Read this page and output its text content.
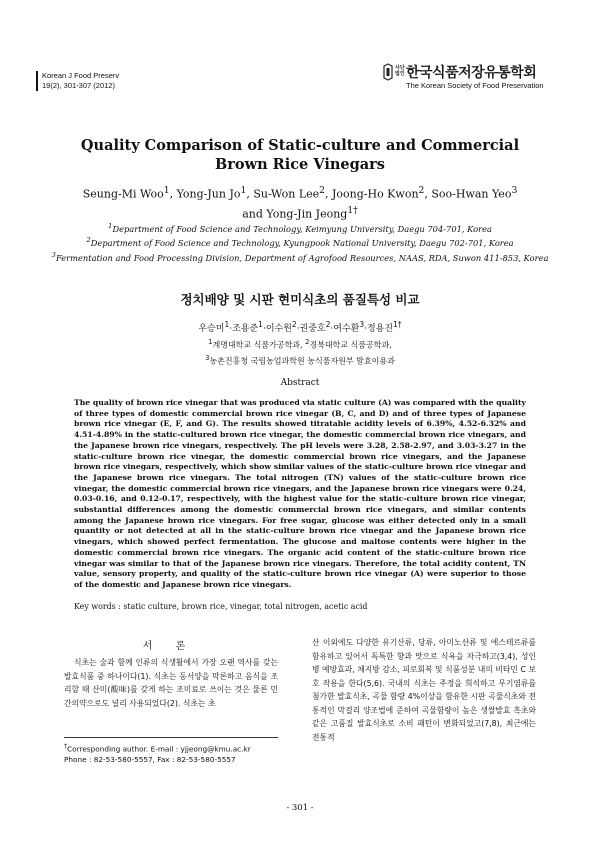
Korean J Food Preserv
19(2), 301-307 (2012)
사단
법인 한국식품저장유통학회
The Korean Society of Food Preservation
Quality Comparison of Static-culture and Commercial
Brown Rice Vinegars
Seung-Mi Woo$^1$, Yong-Jun Jo$^1$, Su-Won Lee$^2$, Joong-Ho Kwon$^2$, Soo-Hwan Yeo$^3$
and Yong-Jin Jeong$^{1\dagger}$
$^1$Department of Food Science and Technology, Keimyung University, Daegu 704-701, Korea
$^2$Department of Food Science and Technology, Kyungpook National University, Daegu 702-701, Korea
$^3$Fermentation and Food Processing Division, Department of Agrofood Resources, NAAS, RDA, Suwon 411-853, Korea
정치배양 및 시판 현미식초의 품질특성 비교
우승미$^1$·조용준$^1$·이수원$^2$·권중호$^2$·여수환$^3$·정용진$^{1\dagger}$
$^1$계명대학교 식품가공학과, $^2$경북대학교 식품공학과,
$^3$농촌진흥청 국립농업과학원 농식품자원부 발효이용과
Abstract
The quality of brown rice vinegar that was produced via static culture (A) was compared with the quality of three types of domestic commercial brown rice vinegar (B, C, and D) and of three types of Japanese brown rice vinegar (E, F, and G). The results showed titratable acidity levels of 6.39%, 4.52-6.32% and 4.51-4.89% in the static-cultured brown rice vinegar, the domestic commercial brown rice vinegars, and the Japanese brown rice vinegars, respectively. The pH levels were 3.28, 2.58-2.97, and 3.03-3.27 in the static-culture brown rice vinegar, the domestic commercial brown rice vinegars, and the Japanese brown rice vinegars, respectively, which show similar values of the static-culture brown rice vinegar and the Japanese brown rice vinegars. The total nitrogen (TN) values of the static-culture brown rice vinegar, the domestic commercial brown rice vinegars, and the Japanese brown rice vinegars were 0.24, 0.03-0.16, and 0.12-0.17, respectively, with the highest value for the static-culture brown rice vinegar, substantial differences among the domestic commercial brown rice vinegars, and similar contents among the Japanese brown rice vinegars. For free sugar, glucose was either detected only in a small quantity or not detected at all in the static-culture brown rice vinegar and the Japanese brown rice vinegars, which showed perfect fermentation. The glucose and maltose contents were higher in the domestic commercial brown rice vinegars. The organic acid content of the static-culture brown rice vinegar was similar to that of the Japanese brown rice vinegars. Therefore, the total acidity content, TN value, sensory property, and quality of the static-culture brown rice vinegar (A) were superior to those of the domestic and Japanese brown rice vinegars.
Key words : static culture, brown rice, vinegar, total nitrogen, acetic acid
서 론
식초는 술과 함께 인류의 식생활에서 가장 오랜 역사를 갖는 발효식품 중 하나이다(1). 식초는 동서양을 막론하고 음식을 조리할 때 산미(酸味)를 갖게 하는 조미료로 쓰이는 것은 물론 민간의약으로도 널리 사용되었다(2). 식초는 초
산 이외에도 다양한 유기산류, 당류, 아미노산류 및 에스테르류를 함유하고 있어서 독특한 향과 맛으로 식욕을 자극하고(3,4), 성인병 예방효과, 체지방 감소, 피로회복 및 식품성분 내의 비타민 C 보호 작용을 한다(5,6). 국내의 식초는 주정을 희석하고 무기염류를 첨가한 발효식초, 곡물 함량 4%이상을 함유한 시판 곡물식초와 전통적인 막걸리 양조법에 준하여 곡물함량이 높은 생쌀발효 흑초와 같은 고품질 발효식초로 소비 패턴이 변화되었고(7,8), 최근에는 전통적
†Corresponding author. E-mail : yjjeong@kmu.ac.kr
Phone : 82-53-580-5557, Fax : 82-53-580-5557
- 301 -
